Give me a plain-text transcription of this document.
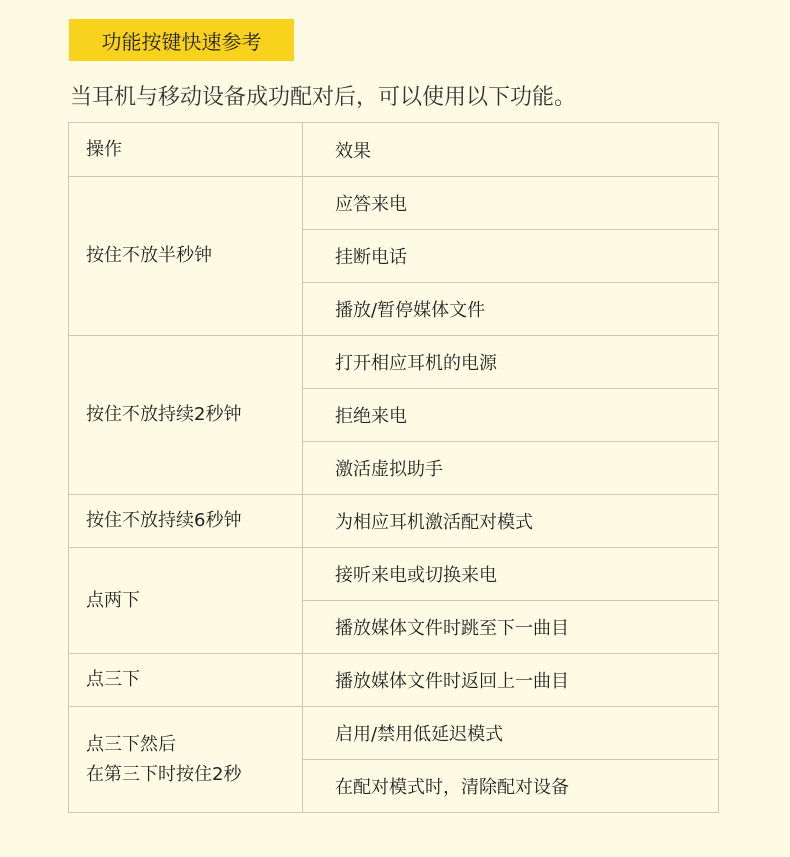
功能按键快速参考
当耳机与移动设备成功配对后，可以使用以下功能。
操作	效果
按住不放半秒钟	应答来电
	挂断电话
	播放/暂停媒体文件
按住不放持续2秒钟	打开相应耳机的电源
	拒绝来电
	激活虚拟助手
按住不放持续6秒钟	为相应耳机激活配对模式
点两下	接听来电或切换来电
	播放媒体文件时跳至下一曲目
点三下	播放媒体文件时返回上一曲目

点三下然后
在第三下时按住2秒	启用/禁用低延迟模式
	在配对模式时，清除配对设备
